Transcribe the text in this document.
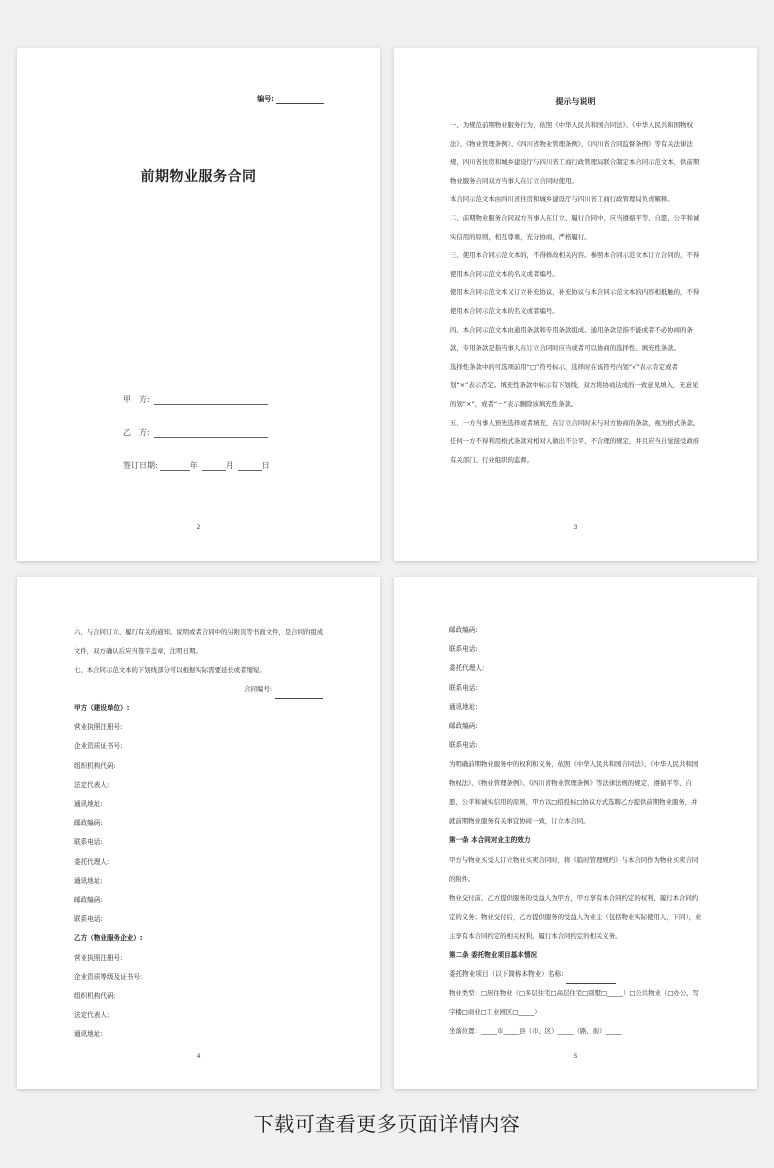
编号:
前期物业服务合同
甲　方:
乙　方:
签订日期:	年	月	日
2
提示与说明

一、为规范前期物业服务行为，依照《中华人民共和国合同法》、《中华人民共和国物权法》、《物业管理条例》、《四川省物业管理条例》、《四川省合同监督条例》等有关法律法规，四川省住房和城乡建设厅与四川省工商行政管理局联合制定本合同示范文本，供前期物业服务合同双方当事人在订立合同时使用。

本合同示范文本由四川省住房和城乡建设厅与四川省工商行政管理局负责解释。

二、前期物业服务合同双方当事人在订立、履行合同中，应当遵循平等、自愿、公平和诚实信用的原则，相互尊重，充分协商，严格履行。

三、使用本合同示范文本的，不得修改相关内容。参照本合同示范文本订立合同的，不得使用本合同示范文本的名义或者编号。

使用本合同示范文本又订立补充协议，补充协议与本合同示范文本的内容相抵触的，不得使用本合同示范文本的名义或者编号。

四、本合同示范文本由通用条款和专用条款组成。通用条款是指不能或者不必协商的条款，专用条款是指当事人在订立合同时应当或者可以协商的选择性、填充性条款。

选择性条款中的可选项前用“□”符号标示，选择时在该符号内划“√”表示肯定或者划“×”表示否定。填充性条款中标示有下划线，双方将协商达成的一致意见填入，无意见的划“×”，或者“－”表示删除该填充性条款。

五、一方当事人预先选择或者填充，在订立合同时未与对方协商的条款，视为格式条款。任何一方不得利用格式条款对相对人做出不公平、不合理的规定，并且应当自觉接受政府有关部门、行业组织的监督。

3

六、与合同订立、履行有关的通知、说明或者合同中的另附页等书面文件，是合同的组成文件，双方确认后应当签字盖章，注明日期。

七、本合同示范文本的下划线部分可以根据实际需要延长或者缩短。

合同编号:
甲方（建设单位）:
营业执照注册号:
企业资质证书号:
组织机构代码:
法定代表人:
通讯地址:
邮政编码:
联系电话:
委托代理人:
通讯地址:
邮政编码:
联系电话:
乙方（物业服务企业）:
营业执照注册号:
企业资质等级及证书号:
组织机构代码:
法定代表人:
通讯地址:
4
邮政编码:
联系电话:
委托代理人:
联系电话:
通讯地址:
邮政编码:
联系电话:

为明确前期物业服务中的权利和义务，依照《中华人民共和国合同法》、《中华人民共和国物权法》、《物业管理条例》、《四川省物业管理条例》等法律法规的规定，遵循平等、自愿、公平和诚实信用的原则，甲方以□招投标□协议方式选聘乙方提供前期物业服务，并就前期物业服务有关事宜协商一致，订立本合同。

第一条 本合同对业主的效力

甲方与物业买受人订立物业买卖合同时，将《临时管理规约》与本合同作为物业买卖合同的附件。

物业交付前，乙方提供服务的受益人为甲方，甲方享有本合同约定的权利，履行本合同约定的义务；物业交付后，乙方提供服务的受益人为业主（包括物业实际使用人，下同），业主享有本合同约定的相关权利，履行本合同约定的相关义务。

第二条 委托物业项目基本情况
委托物业项目（以下简称本物业）名称:

物业类型：□居住物业（□多层住宅□高层住宅□别墅□_____）□公共物业（□办公、写字楼□商业□工业园区□_____）

坐落位置：_____市_____县（市、区）_____（路、街）_____

5
下载可查看更多页面详情内容
